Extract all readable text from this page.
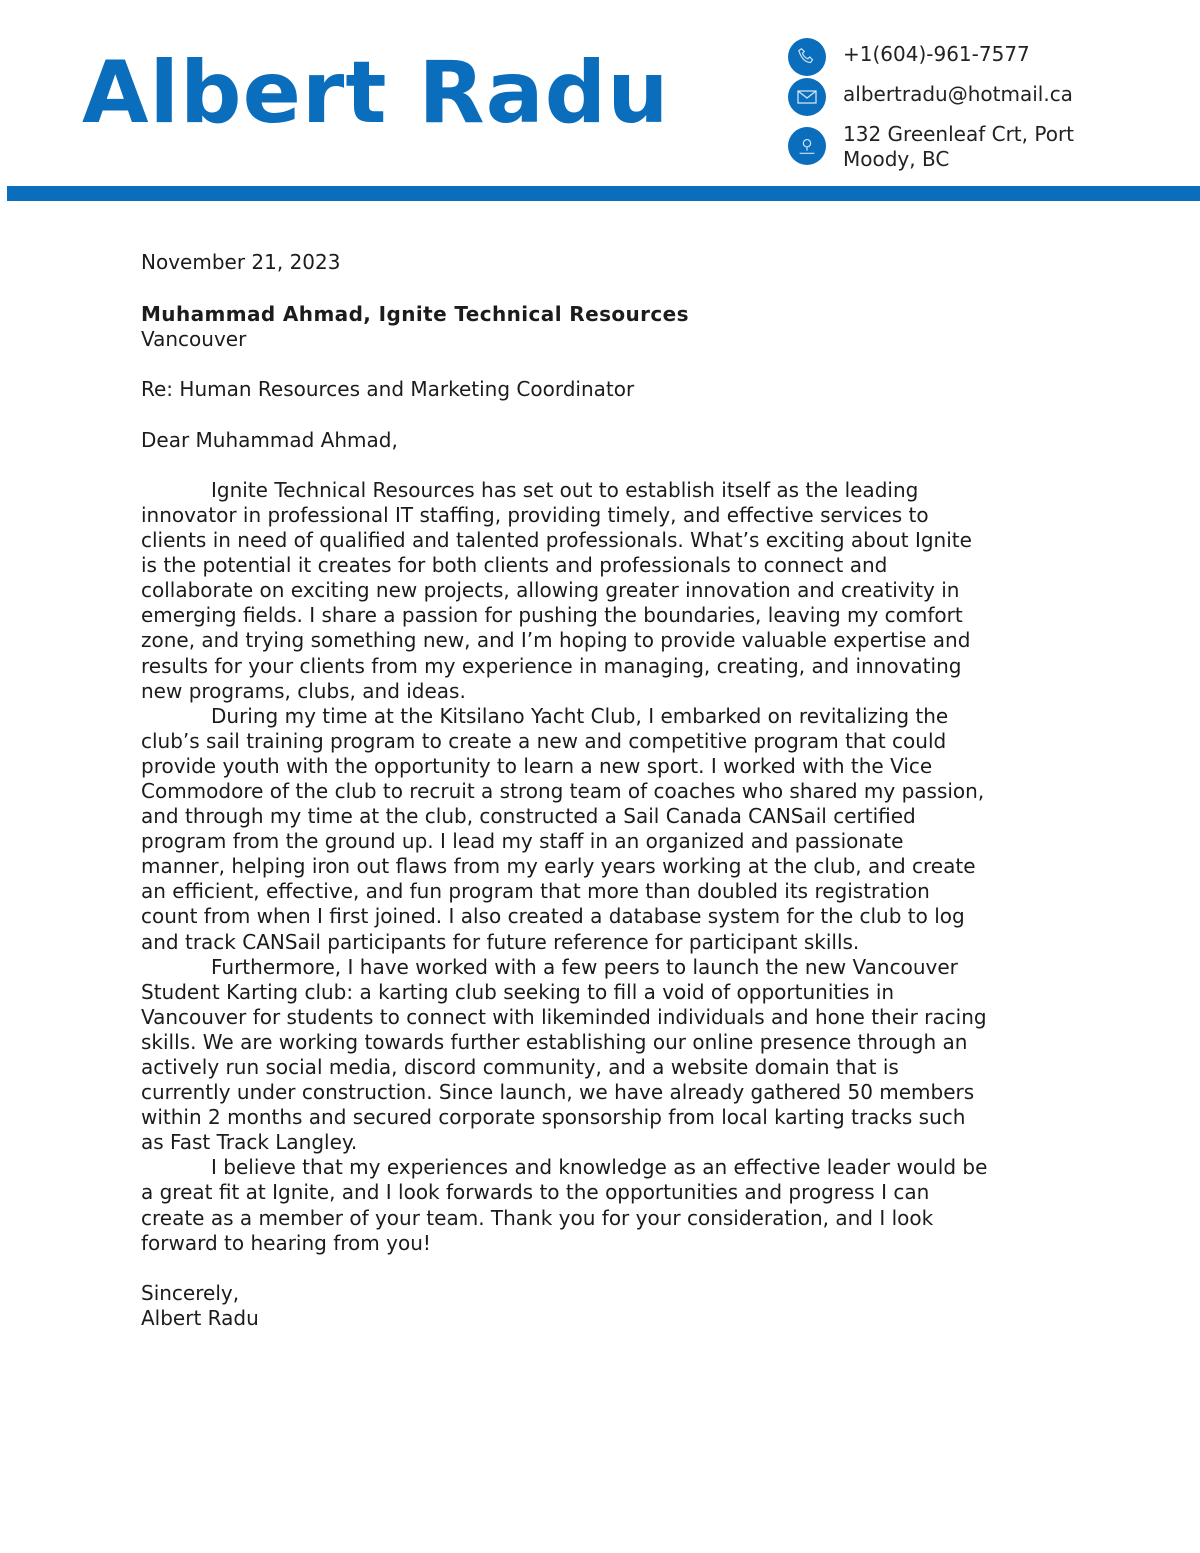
Albert Radu	+1(604)-961-7577
albertradu@hotmail.ca
132 Greenleaf Crt, Port
Moody, BC
November 21, 2023
Muhammad Ahmad, Ignite Technical Resources
Vancouver
Re: Human Resources and Marketing Coordinator
Dear Muhammad Ahmad,
Ignite Technical Resources has set out to establish itself as the leading
innovator in professional IT staffing, providing timely, and effective services to
clients in need of qualified and talented professionals. What’s exciting about Ignite
is the potential it creates for both clients and professionals to connect and
collaborate on exciting new projects, allowing greater innovation and creativity in
emerging fields. I share a passion for pushing the boundaries, leaving my comfort
zone, and trying something new, and I’m hoping to provide valuable expertise and
results for your clients from my experience in managing, creating, and innovating
new programs, clubs, and ideas.
During my time at the Kitsilano Yacht Club, I embarked on revitalizing the
club’s sail training program to create a new and competitive program that could
provide youth with the opportunity to learn a new sport. I worked with the Vice
Commodore of the club to recruit a strong team of coaches who shared my passion,
and through my time at the club, constructed a Sail Canada CANSail certified
program from the ground up. I lead my staff in an organized and passionate
manner, helping iron out flaws from my early years working at the club, and create
an efficient, effective, and fun program that more than doubled its registration
count from when I first joined. I also created a database system for the club to log
and track CANSail participants for future reference for participant skills.
Furthermore, I have worked with a few peers to launch the new Vancouver
Student Karting club: a karting club seeking to fill a void of opportunities in
Vancouver for students to connect with likeminded individuals and hone their racing
skills. We are working towards further establishing our online presence through an
actively run social media, discord community, and a website domain that is
currently under construction. Since launch, we have already gathered 50 members
within 2 months and secured corporate sponsorship from local karting tracks such
as Fast Track Langley.
I believe that my experiences and knowledge as an effective leader would be
a great fit at Ignite, and I look forwards to the opportunities and progress I can
create as a member of your team. Thank you for your consideration, and I look
forward to hearing from you!
Sincerely,
Albert Radu
